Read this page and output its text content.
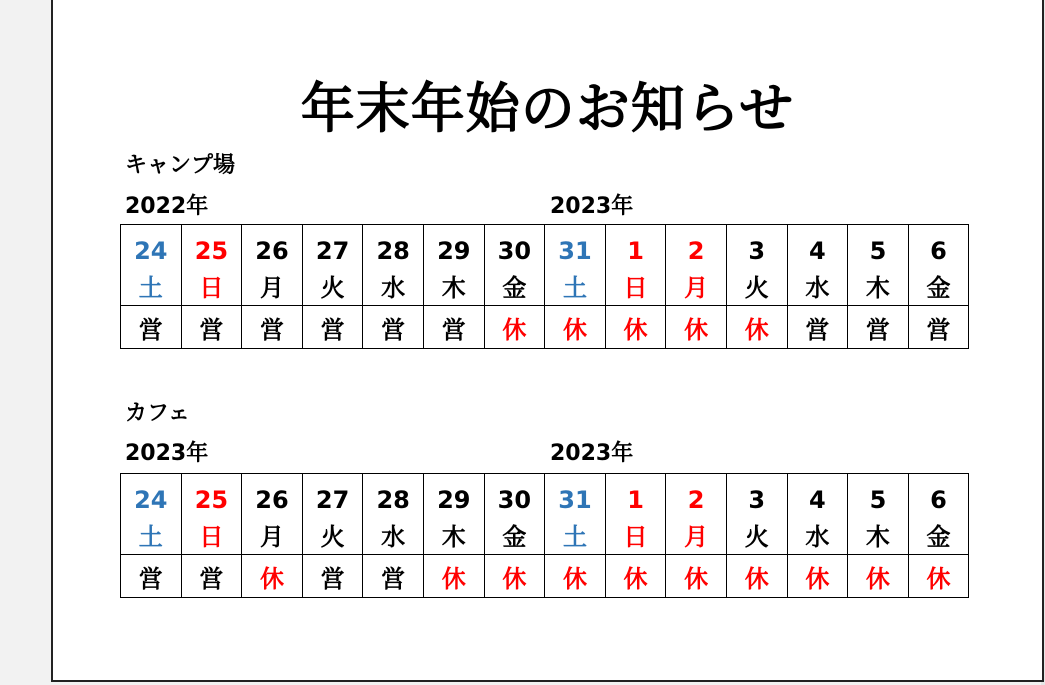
年末年始のお知らせ
キャンプ場
2022年	2023年
24	25	26	27	28	29	30	31	1	2	3	4	5	6
土	日	月	火	水	木	金	土	日	月	火	水	木	金
営	営	営	営	営	営	休	休	休	休	休	営	営	営
カフェ
2023年	2023年
24	25	26	27	28	29	30	31	1	2	3	4	5	6
土	日	月	火	水	木	金	土	日	月	火	水	木	金
営	営	休	営	営	休	休	休	休	休	休	休	休	休
